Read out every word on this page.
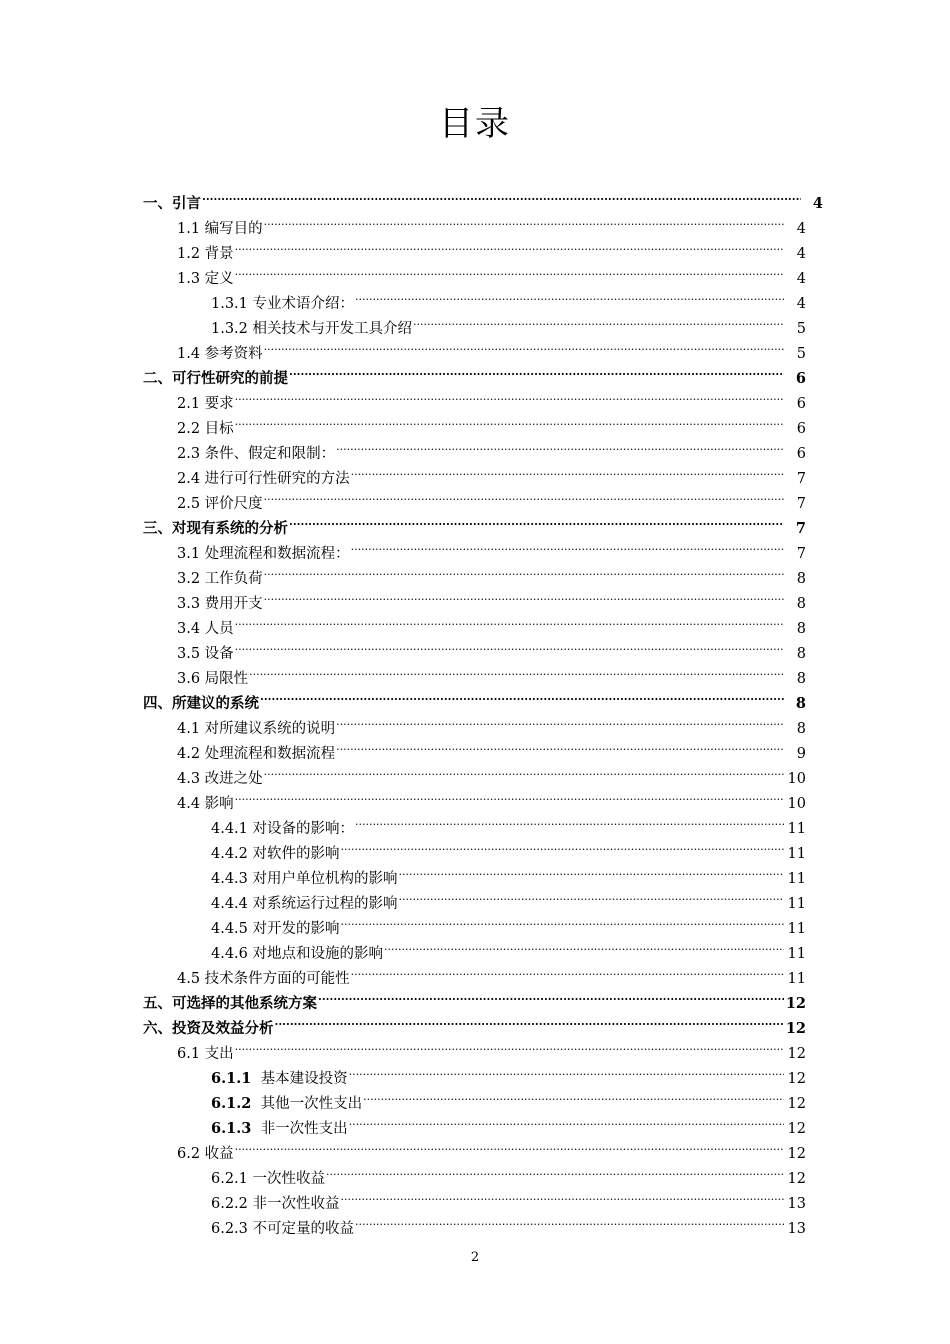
目录
一、引言 .....	4
1.1 编写目的 .....	4
1.2 背景 .....	4
1.3 定义 .....	4
1.3.1 专业术语介绍： .....	4
1.3.2 相关技术与开发工具介绍 .....	5
1.4 参考资料 .....	5
二、可行性研究的前提 .....	6
2.1 要求 .....	6
2.2 目标 .....	6
2.3 条件、假定和限制： .....	6
2.4 进行可行性研究的方法 .....	7
2.5 评价尺度 .....	7
三、对现有系统的分析 .....	7
3.1 处理流程和数据流程： .....	7
3.2 工作负荷 .....	8
3.3 费用开支 .....	8
3.4 人员 .....	8
3.5 设备 .....	8
3.6 局限性 .....	8
四、所建议的系统 .....	8
4.1 对所建议系统的说明 .....	8
4.2 处理流程和数据流程 .....	9
4.3 改进之处 .....	10
4.4 影响 .....	10
4.4.1 对设备的影响： .....	11
4.4.2 对软件的影响 .....	11
4.4.3 对用户单位机构的影响 .....	11
4.4.4 对系统运行过程的影响 .....	11
4.4.5 对开发的影响 .....	11
4.4.6 对地点和设施的影响 .....	11
4.5 技术条件方面的可能性 .....	11
五、可选择的其他系统方案 .....	12
六、投资及效益分析 .....	12
6.1 支出 .....	12
6.1.1  基本建设投资 .....	12
6.1.2  其他一次性支出 .....	12
6.1.3  非一次性支出 .....	12
6.2 收益 .....	12
6.2.1 一次性收益 .....	12
6.2.2 非一次性收益 .....	13
6.2.3 不可定量的收益 .....	13
2
